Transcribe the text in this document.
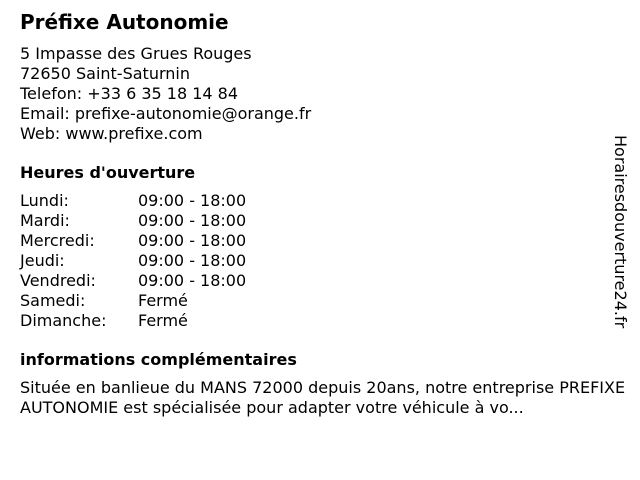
Préfixe Autonomie
5 Impasse des Grues Rouges
72650 Saint-Saturnin
Telefon: +33 6 35 18 14 84
Email: prefixe-autonomie@orange.fr
Web: www.prefixe.com
Heures d'ouverture
Lundi:	09:00 - 18:00
Mardi:	09:00 - 18:00
Mercredi:	09:00 - 18:00
Jeudi:	09:00 - 18:00
Vendredi:	09:00 - 18:00
Samedi:	Fermé
Dimanche:	Fermé
informations complémentaires
Située en banlieue du MANS 72000 depuis 20ans, notre entreprise PREFIXE AUTONOMIE est spécialisée pour adapter votre véhicule à vo...
Horairesdouverture24.fr
